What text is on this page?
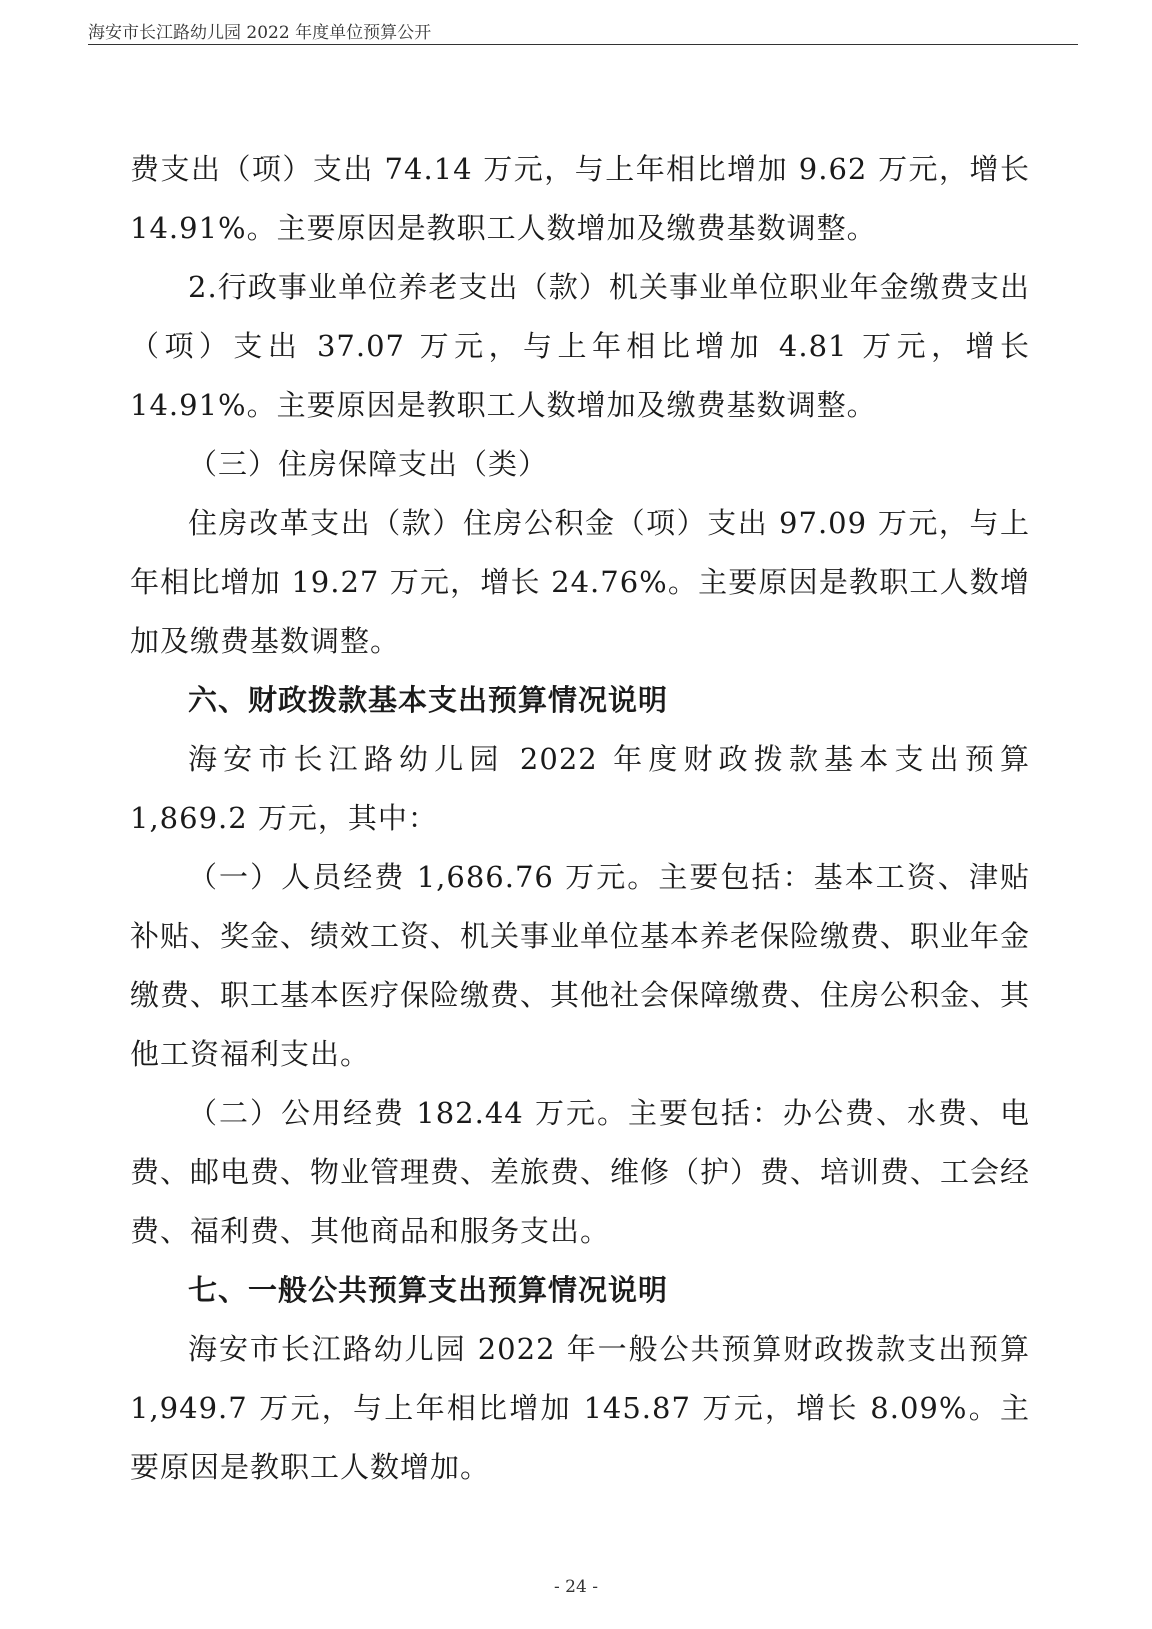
海安市长江路幼儿园 2022 年度单位预算公开

费支出（项）支出 74.14 万元，与上年相比增加 9.62 万元，增长 14.91%。主要原因是教职工人数增加及缴费基数调整。

2.行政事业单位养老支出（款）机关事业单位职业年金缴费支出（项）支出 37.07 万元，与上年相比增加 4.81 万元，增长 14.91%。主要原因是教职工人数增加及缴费基数调整。

（三）住房保障支出（类）

住房改革支出（款）住房公积金（项）支出 97.09 万元，与上年相比增加 19.27 万元，增长 24.76%。主要原因是教职工人数增加及缴费基数调整。

六、财政拨款基本支出预算情况说明

海安市长江路幼儿园 2022 年度财政拨款基本支出预算 1,869.2 万元，其中：

（一）人员经费 1,686.76 万元。主要包括：基本工资、津贴补贴、奖金、绩效工资、机关事业单位基本养老保险缴费、职业年金缴费、职工基本医疗保险缴费、其他社会保障缴费、住房公积金、其他工资福利支出。

（二）公用经费 182.44 万元。主要包括：办公费、水费、电费、邮电费、物业管理费、差旅费、维修（护）费、培训费、工会经费、福利费、其他商品和服务支出。

七、一般公共预算支出预算情况说明

海安市长江路幼儿园 2022 年一般公共预算财政拨款支出预算 1,949.7 万元，与上年相比增加 145.87 万元，增长 8.09%。主要原因是教职工人数增加。

- 24 -
